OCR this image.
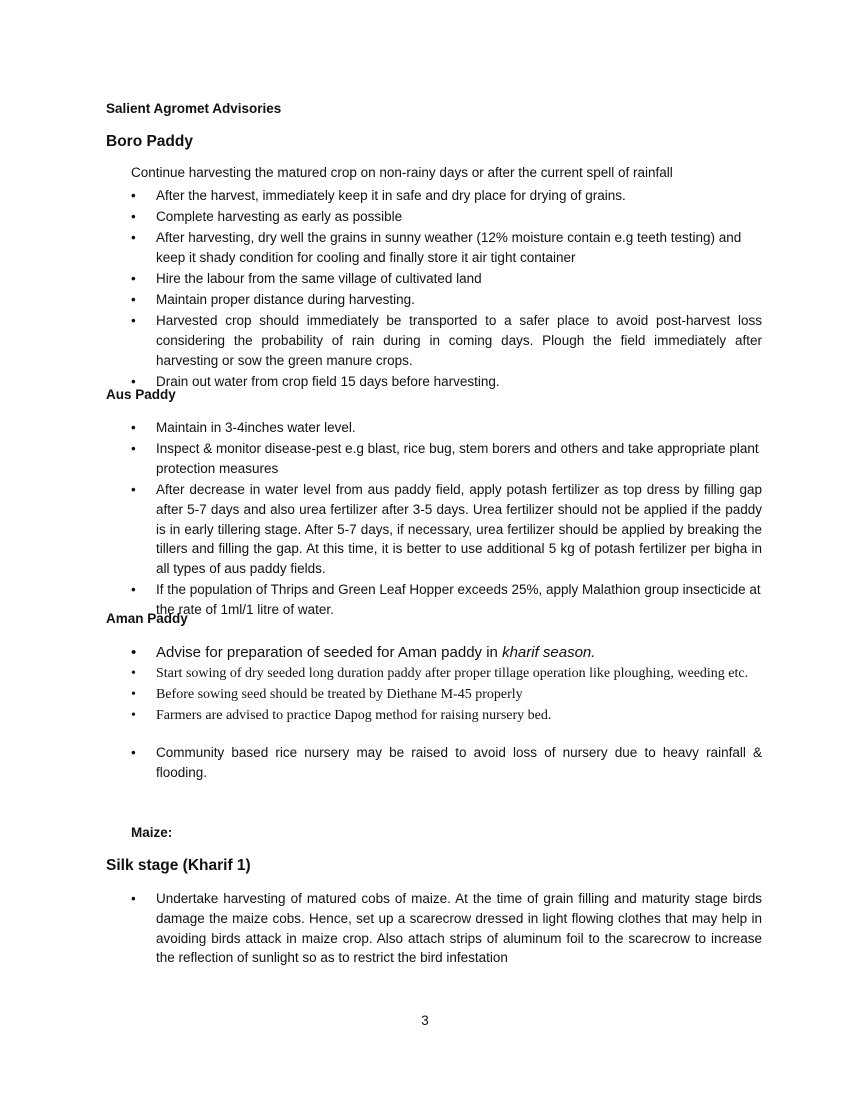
Salient Agromet Advisories
Boro Paddy
Continue harvesting the matured crop on non-rainy days or after the current spell of rainfall
• After the harvest, immediately keep it in safe and dry place for drying of grains.
• Complete harvesting as early as possible
• After harvesting, dry well the grains in sunny weather (12% moisture contain e.g teeth testing) and keep it shady condition for cooling and finally store it air tight container
• Hire the labour from the same village of cultivated land
• Maintain proper distance during harvesting.
• Harvested crop should immediately be transported to a safer place to avoid post-harvest loss considering the probability of rain during in coming days. Plough the field immediately after harvesting or sow the green manure crops.
• Drain out water from crop field 15 days before harvesting.
Aus Paddy
• Maintain in 3-4inches water level.
• Inspect & monitor disease-pest e.g blast, rice bug, stem borers and others and take appropriate plant protection measures
• After decrease in water level from aus paddy field, apply potash fertilizer as top dress by filling gap after 5-7 days and also urea fertilizer after 3-5 days. Urea fertilizer should not be applied if the paddy is in early tillering stage. After 5-7 days, if necessary, urea fertilizer should be applied by breaking the tillers and filling the gap. At this time, it is better to use additional 5 kg of potash fertilizer per bigha in all types of aus paddy fields.
• If the population of Thrips and Green Leaf Hopper exceeds 25%, apply Malathion group insecticide at the rate of 1ml/1 litre of water.
Aman Paddy
• Advise for preparation of seeded for Aman paddy in kharif season.
• Start sowing of dry seeded long duration paddy after proper tillage operation like ploughing, weeding etc.
• Before sowing seed should be treated by Diethane M-45 properly
• Farmers are advised to practice Dapog method for raising nursery bed.
• Community based rice nursery may be raised to avoid loss of nursery due to heavy rainfall & flooding.
Maize:
Silk stage (Kharif 1)
• Undertake harvesting of matured cobs of maize. At the time of grain filling and maturity stage birds damage the maize cobs. Hence, set up a scarecrow dressed in light flowing clothes that may help in avoiding birds attack in maize crop. Also attach strips of aluminum foil to the scarecrow to increase the reflection of sunlight so as to restrict the bird infestation
3
